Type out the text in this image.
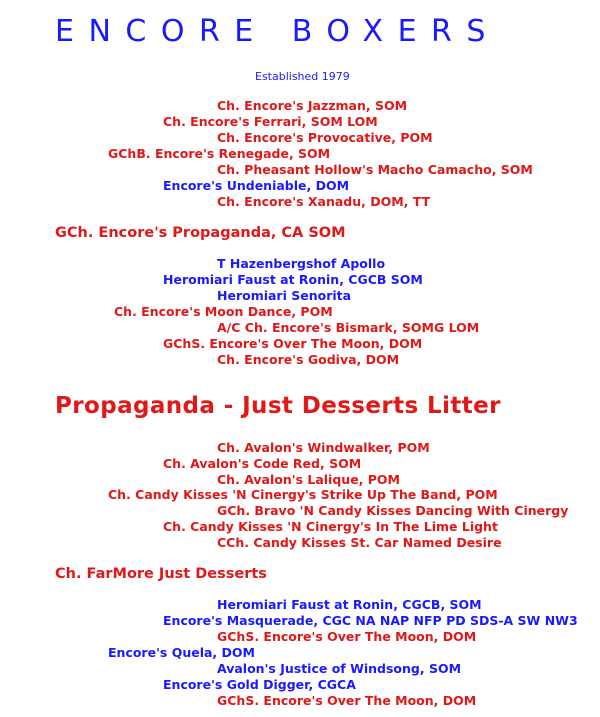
ENCORE BOXERS
Established 1979
Ch. Encore's Jazzman, SOM
Ch. Encore's Ferrari, SOM LOM
Ch. Encore's Provocative, POM
GChB. Encore's Renegade, SOM
Ch. Pheasant Hollow's Macho Camacho, SOM
Encore's Undeniable, DOM
Ch. Encore's Xanadu, DOM, TT
GCh. Encore's Propaganda, CA SOM
T Hazenbergshof Apollo
Heromiari Faust at Ronin, CGCB SOM
Heromiari Senorita
Ch. Encore's Moon Dance, POM
A/C Ch. Encore's Bismark, SOMG LOM
GChS. Encore's Over The Moon, DOM
Ch. Encore's Godiva, DOM
Propaganda - Just Desserts Litter
Ch. Avalon's Windwalker, POM
Ch. Avalon's Code Red, SOM
Ch. Avalon's Lalique, POM
Ch. Candy Kisses 'N Cinergy's Strike Up The Band, POM
GCh. Bravo 'N Candy Kisses Dancing With Cinergy
Ch. Candy Kisses 'N Cinergy's In The Lime Light
CCh. Candy Kisses St. Car Named Desire
Ch. FarMore Just Desserts
Heromiari Faust at Ronin, CGCB, SOM
Encore's Masquerade, CGC NA NAP NFP PD SDS-A SW NW3
GChS. Encore's Over The Moon, DOM
Encore's Quela, DOM
Avalon's Justice of Windsong, SOM
Encore's Gold Digger, CGCA
GChS. Encore's Over The Moon, DOM
